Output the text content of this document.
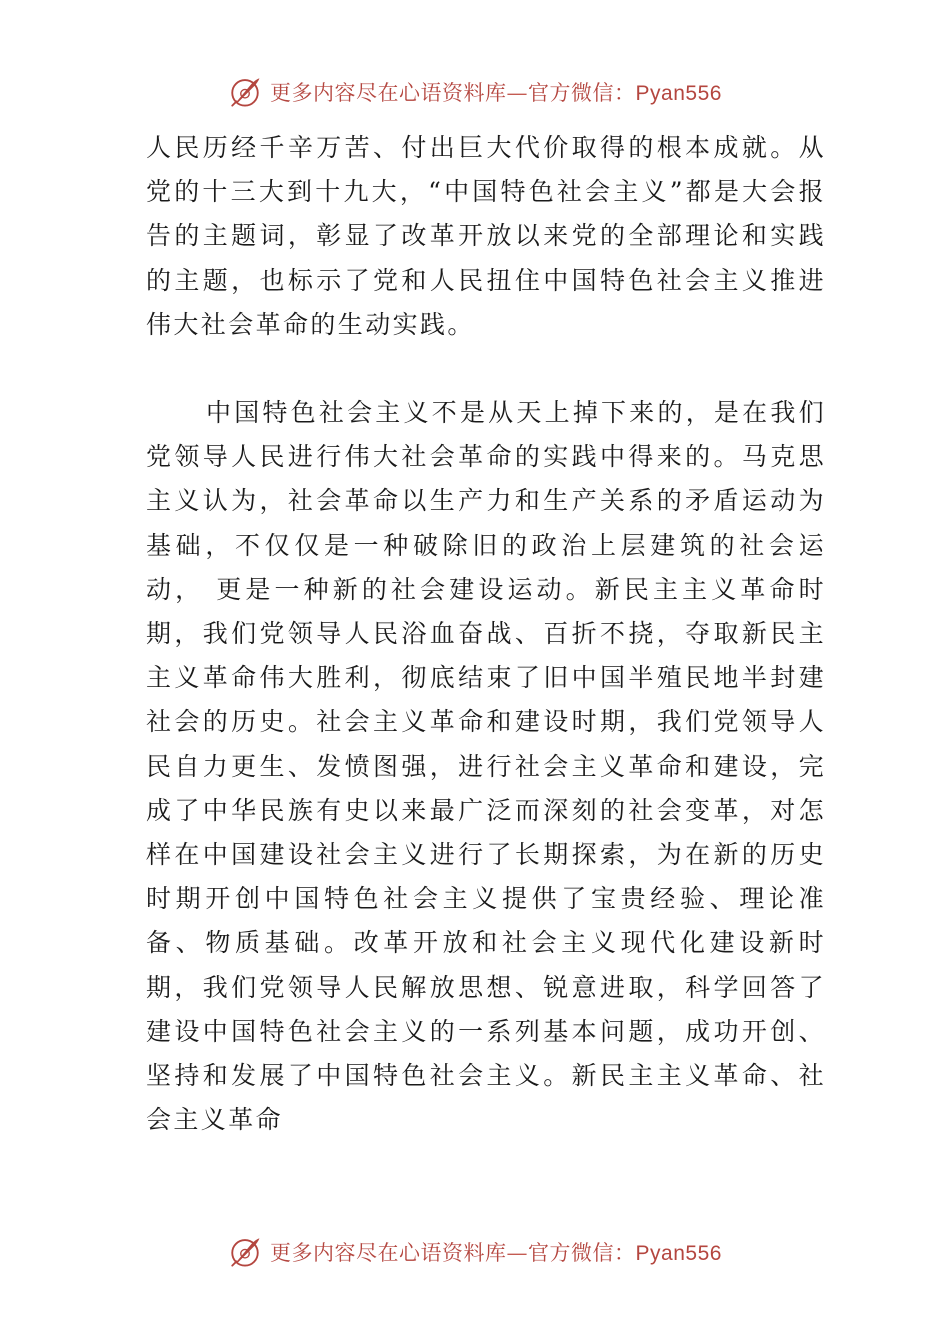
更多内容尽在心语资料库—官方微信：Pyan556

人民历经千辛万苦、付出巨大代价取得的根本成就。从党的十三大到十九大，“中国特色社会主义”都是大会报告的主题词，彰显了改革开放以来党的全部理论和实践的主题，也标示了党和人民扭住中国特色社会主义推进伟大社会革命的生动实践。

中国特色社会主义不是从天上掉下来的，是在我们党领导人民进行伟大社会革命的实践中得来的。马克思主义认为，社会革命以生产力和生产关系的矛盾运动为基础，不仅仅是一种破除旧的政治上层建筑的社会运动， 更是一种新的社会建设运动。新民主主义革命时期，我们党领导人民浴血奋战、百折不挠，夺取新民主主义革命伟大胜利，彻底结束了旧中国半殖民地半封建社会的历史。社会主义革命和建设时期，我们党领导人民自力更生、发愤图强，进行社会主义革命和建设，完成了中华民族有史以来最广泛而深刻的社会变革，对怎样在中国建设社会主义进行了长期探索，为在新的历史时期开创中国特色社会主义提供了宝贵经验、理论准备、物质基础。改革开放和社会主义现代化建设新时期，我们党领导人民解放思想、锐意进取，科学回答了建设中国特色社会主义的一系列基本问题，成功开创、坚持和发展了中国特色社会主义。新民主主义革命、社会主义革命

更多内容尽在心语资料库—官方微信：Pyan556
